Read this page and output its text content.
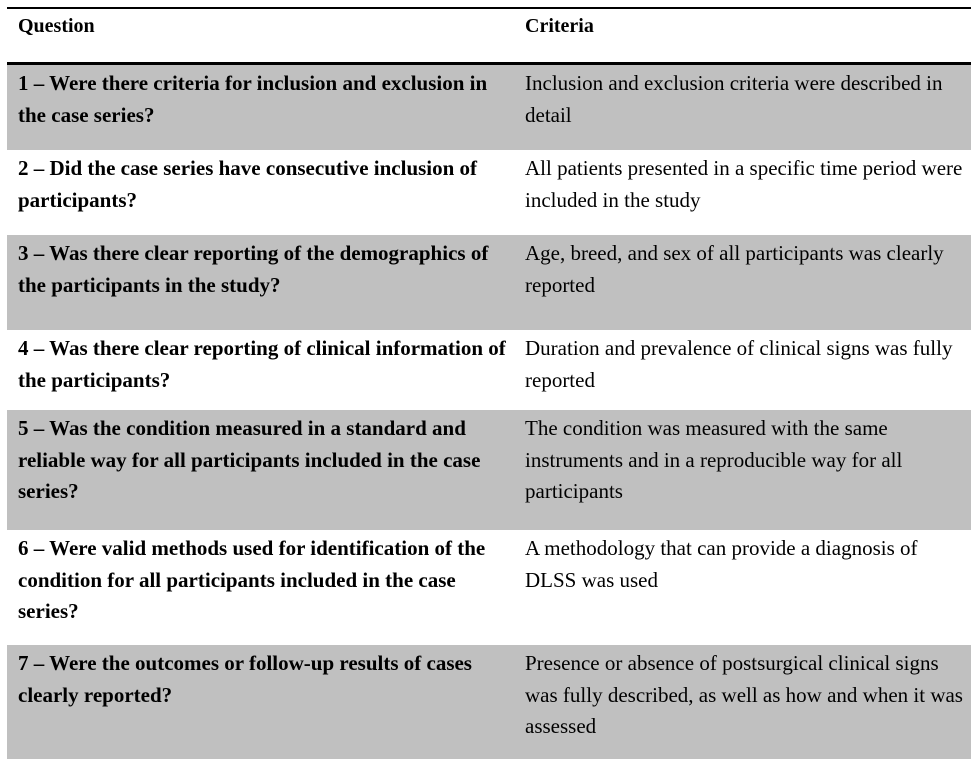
Question	Criteria
1 – Were there criteria for inclusion and exclusion in the case series?
Inclusion and exclusion criteria were described in detail
2 – Did the case series have consecutive inclusion of participants?
All patients presented in a specific time period were included in the study
3 – Was there clear reporting of the demographics of the participants in the study?
Age, breed, and sex of all participants was clearly reported
4 – Was there clear reporting of clinical information of the participants?
Duration and prevalence of clinical signs was fully reported
5 – Was the condition measured in a standard and reliable way for all participants included in the case series?
The condition was measured with the same instruments and in a reproducible way for all participants
6 – Were valid methods used for identification of the condition for all participants included in the case series?
A methodology that can provide a diagnosis of DLSS was used
7 – Were the outcomes or follow-up results of cases clearly reported?
Presence or absence of postsurgical clinical signs was fully described, as well as how and when it was assessed
